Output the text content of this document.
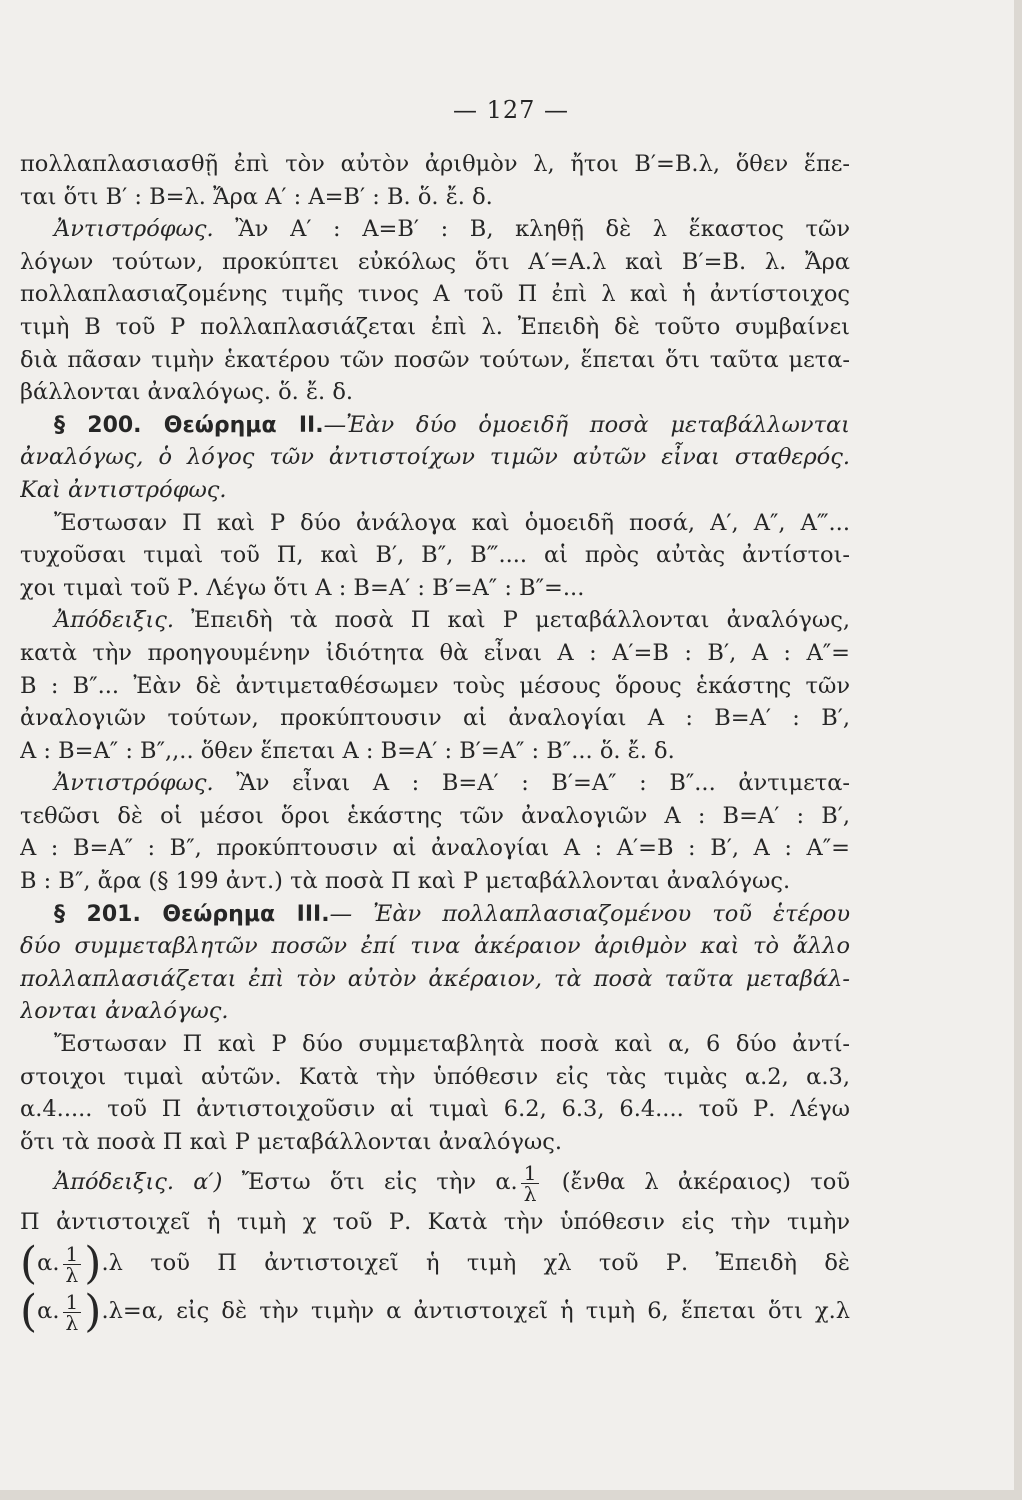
— 127 —
πολλαπλασιασθῇ ἐπὶ τὸν αὐτὸν ἀριθμὸν λ, ἤτοι Β′=Β.λ, ὅθεν ἕπε-
ται ὅτι Β′ : Β=λ. Ἄρα Α′ : Α=Β′ : Β. ὅ. ἔ. δ.
Ἀντιστρόφως. Ἂν Α′ : Α=Β′ : Β, κληθῇ δὲ λ ἕκαστος τῶν
λόγων τούτων, προκύπτει εὐκόλως ὅτι Α′=Α.λ καὶ Β′=Β. λ. Ἄρα
πολλαπλασιαζομένης τιμῆς τινος Α τοῦ Π ἐπὶ λ καὶ ἡ ἀντίστοιχος
τιμὴ Β τοῦ Ρ πολλαπλασιάζεται ἐπὶ λ. Ἐπειδὴ δὲ τοῦτο συμβαίνει
διὰ πᾶσαν τιμὴν ἑκατέρου τῶν ποσῶν τούτων, ἕπεται ὅτι ταῦτα μετα-
βάλλονται ἀναλόγως. ὅ. ἔ. δ.
§ 200. Θεώρημα ΙΙ.—Ἐὰν δύο ὁμοειδῆ ποσὰ μεταβάλλωνται
ἀναλόγως, ὁ λόγος τῶν ἀντιστοίχων τιμῶν αὐτῶν εἶναι σταθερός.
Καὶ ἀντιστρόφως.
Ἔστωσαν Π καὶ Ρ δύο ἀνάλογα καὶ ὁμοειδῆ ποσά, Α′, Α″, Α‴...
τυχοῦσαι τιμαὶ τοῦ Π, καὶ Β′, Β″, Β‴.... αἱ πρὸς αὐτὰς ἀντίστοι-
χοι τιμαὶ τοῦ Ρ. Λέγω ὅτι Α : Β=Α′ : Β′=Α″ : Β″=...
Ἀπόδειξις. Ἐπειδὴ τὰ ποσὰ Π καὶ Ρ μεταβάλλονται ἀναλόγως,
κατὰ τὴν προηγουμένην ἰδιότητα θὰ εἶναι Α : Α′=Β : Β′, Α : Α″=
Β : Β″... Ἐὰν δὲ ἀντιμεταθέσωμεν τοὺς μέσους ὅρους ἑκάστης τῶν
ἀναλογιῶν τούτων, προκύπτουσιν αἱ ἀναλογίαι Α : Β=Α′ : Β′,
Α : Β=Α″ : Β″,,.. ὅθεν ἕπεται Α : Β=Α′ : Β′=Α″ : Β″... ὅ. ἔ. δ.
Ἀντιστρόφως. Ἂν εἶναι Α : Β=Α′ : Β′=Α″ : Β″... ἀντιμετα-
τεθῶσι δὲ οἱ μέσοι ὅροι ἑκάστης τῶν ἀναλογιῶν Α : Β=Α′ : Β′,
Α : Β=Α″ : Β″, προκύπτουσιν αἱ ἀναλογίαι Α : Α′=Β : Β′, Α : Α″=
Β : Β″, ἄρα (§ 199 ἀντ.) τὰ ποσὰ Π καὶ Ρ μεταβάλλονται ἀναλόγως.
§ 201. Θεώρημα ΙΙΙ.— Ἐὰν πολλαπλασιαζομένου τοῦ ἑτέρου
δύο συμμεταβλητῶν ποσῶν ἐπί τινα ἀκέραιον ἀριθμὸν καὶ τὸ ἄλλο
πολλαπλασιάζεται ἐπὶ τὸν αὐτὸν ἀκέραιον, τὰ ποσὰ ταῦτα μεταβάλ-
λονται ἀναλόγως.
Ἔστωσαν Π καὶ Ρ δύο συμμεταβλητὰ ποσὰ καὶ α, 6 δύο ἀντί-
στοιχοι τιμαὶ αὐτῶν. Κατὰ τὴν ὑπόθεσιν εἰς τὰς τιμὰς α.2, α.3,
α.4..... τοῦ Π ἀντιστοιχοῦσιν αἱ τιμαὶ 6.2, 6.3, 6.4.... τοῦ Ρ. Λέγω
ὅτι τὰ ποσὰ Π καὶ Ρ μεταβάλλονται ἀναλόγως.
Ἀπόδειξις. α′) Ἔστω ὅτι εἰς τὴν α. $\frac{1}{\lambda}$ (ἔνθα λ ἀκέραιος) τοῦ
Π ἀντιστοιχεῖ ἡ τιμὴ χ τοῦ Ρ. Κατὰ τὴν ὑπόθεσιν εἰς τὴν τιμὴν
(α. $\frac{1}{\lambda} ).\lambda$ τοῦ Π ἀντιστοιχεῖ ἡ τιμὴ χλ τοῦ Ρ. Ἐπειδὴ δὲ
(α. $\frac{1}{\lambda} ).\lambda=\alpha$, εἰς δὲ τὴν τιμὴν α ἀντιστοιχεῖ ἡ τιμὴ 6, ἕπεται ὅτι χ.λ
